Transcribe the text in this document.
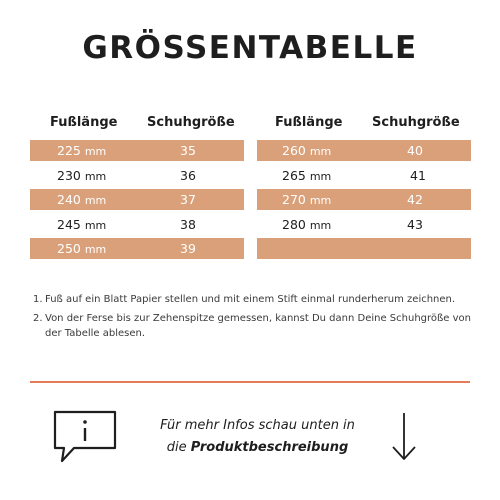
GRÖSSENTABELLE
Fußlänge Schuhgröße
225 mm	35
230 mm	36
240 mm	37
245 mm	38
250 mm	39
Fußlänge Schuhgröße
260 mm	40
265 mm	41
270 mm	42
280 mm	43
1. Fuß auf ein Blatt Papier stellen und mit einem Stift einmal runderherum zeichnen.
2. Von der Ferse bis zur Zehenspitze gemessen, kannst Du dann Deine Schuhgröße von der Tabelle ablesen.
Für mehr Infos schau unten in
die Produktbeschreibung
